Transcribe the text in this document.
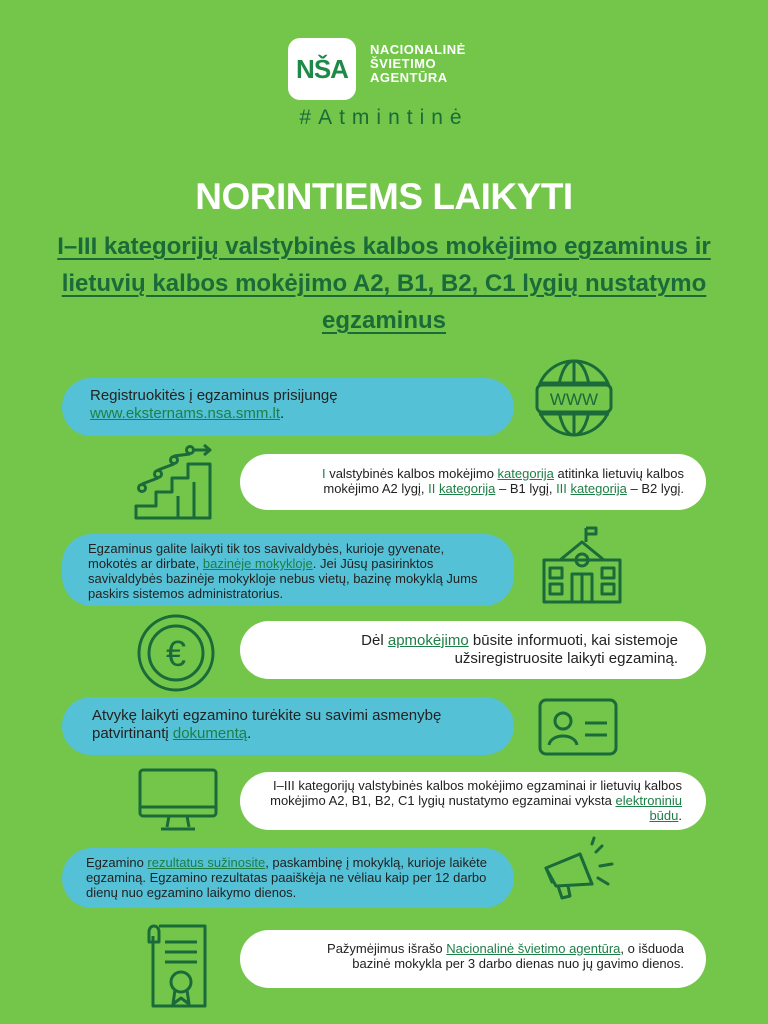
NŠA
NACIONALINĖ
ŠVIETIMO
AGENTŪRA
#Atmintinė
NORINTIEMS LAIKYTI
I–III kategorijų valstybinės kalbos mokėjimo egzaminus ir lietuvių kalbos mokėjimo A2, B1, B2, C1 lygių nustatymo egzaminus
Registruokitės į egzaminus prisijungę
www.eksternams.nsa.smm.lt.
WWW
I valstybinės kalbos mokėjimo kategorija atitinka lietuvių kalbos
mokėjimo A2 lygį, II kategorija – B1 lygį, III kategorija – B2 lygį.
Egzaminus galite laikyti tik tos savivaldybės, kurioje gyvenate, mokotės ar dirbate, bazinėje mokykloje. Jei Jūsų pasirinktos savivaldybės bazinėje mokykloje nebus vietų, bazinę mokyklą Jums paskirs sistemos administratorius.
€	Dėl apmokėjimo būsite informuoti, kai sistemoje
užsiregistruosite laikyti egzaminą.
Atvykę laikyti egzamino turėkite su savimi asmenybę patvirtinantį dokumentą.
I–III kategorijų valstybinės kalbos mokėjimo egzaminai ir lietuvių kalbos mokėjimo A2, B1, B2, C1 lygių nustatymo egzaminai vyksta elektroniniu būdu.
Egzamino rezultatus sužinosite, paskambinę į mokyklą, kurioje laikėte egzaminą. Egzamino rezultatas paaiškėja ne vėliau kaip per 12 darbo dienų nuo egzamino laikymo dienos.
Pažymėjimus išrašo Nacionalinė švietimo agentūra, o išduoda
bazinė mokykla per 3 darbo dienas nuo jų gavimo dienos.
